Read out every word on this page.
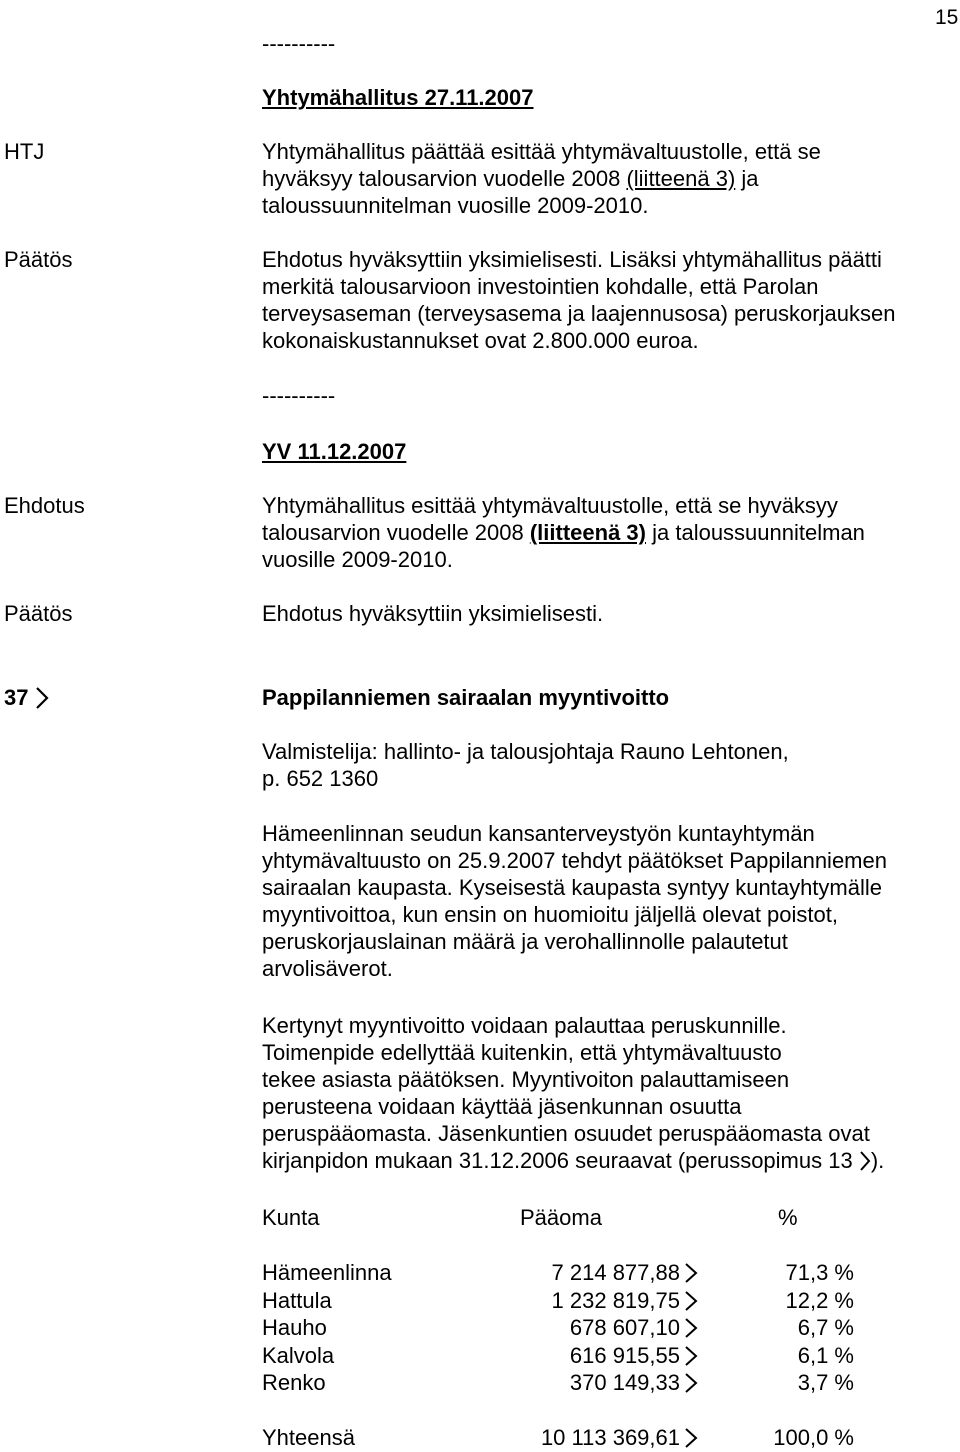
15
----------
Yhtymähallitus 27.11.2007
HTJ	Yhtymähallitus päättää esittää yhtymävaltuustolle, että se
hyväksyy talousarvion vuodelle 2008 (liitteenä 3) ja
taloussuunnitelman vuosille 2009-2010.
Päätös	Ehdotus hyväksyttiin yksimielisesti. Lisäksi yhtymähallitus päätti
merkitä talousarvioon investointien kohdalle, että Parolan
terveysaseman (terveysasema ja laajennusosa) peruskorjauksen
kokonaiskustannukset ovat 2.800.000 euroa.
----------
YV 11.12.2007
Ehdotus	Yhtymähallitus esittää yhtymävaltuustolle, että se hyväksyy
talousarvion vuodelle 2008 (liitteenä 3) ja taloussuunnitelman
vuosille 2009-2010.
Päätös	Ehdotus hyväksyttiin yksimielisesti.
37	Pappilanniemen sairaalan myyntivoitto
Valmistelija: hallinto- ja talousjohtaja Rauno Lehtonen,
p. 652 1360
Hämeenlinnan seudun kansanterveystyön kuntayhtymän
yhtymävaltuusto on 25.9.2007 tehdyt päätökset Pappilanniemen
sairaalan kaupasta. Kyseisestä kaupasta syntyy kuntayhtymälle
myyntivoittoa, kun ensin on huomioitu jäljellä olevat poistot,
peruskorjauslainan määrä ja verohallinnolle palautetut
arvolisäverot.
Kertynyt myyntivoitto voidaan palauttaa peruskunnille.
Toimenpide edellyttää kuitenkin, että yhtymävaltuusto
tekee asiasta päätöksen. Myyntivoiton palauttamiseen
perusteena voidaan käyttää jäsenkunnan osuutta
peruspääomasta. Jäsenkuntien osuudet peruspääomasta ovat
kirjanpidon mukaan 31.12.2006 seuraavat (perussopimus 13 ).
Kunta	Pääoma	%
Hämeenlinna	7 214 877,88	71,3 %
Hattula	1 232 819,75	12,2 %
Hauho	678 607,10	6,7 %
Kalvola	616 915,55	6,1 %
Renko	370 149,33	3,7 %
Yhteensä	10 113 369,61	100,0 %
